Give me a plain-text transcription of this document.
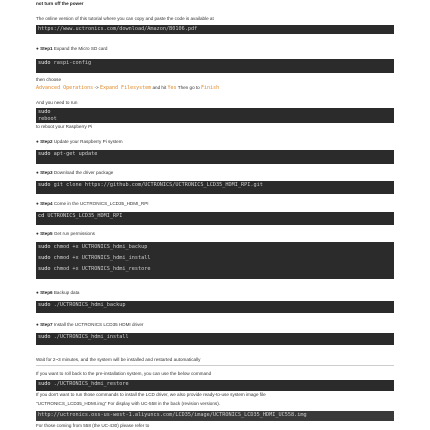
not turn off the power
The online version of this tutorial where you can copy and paste the code is available at
https://www.uctronics.com/download/Amazon/B0106.pdf
● Step1 Expand the Micro SD card
sudo raspi-config
then choose
Advanced Operations -> Expand Filesystem and hit Yes Then go to Finish
And you need to run
sudo
reboot
to reboot your Raspberry Pi
● Step2 Update your Raspberry Pi system
sudo apt-get update
● Step3 Download the driver package
sudo git clone https://github.com/UCTRONICS/UCTRONICS_LCD35_HDMI_RPI.git
● Step4 Come in the UCTRONICS_LCD35_HDMI_RPI
cd UCTRONICS_LCD35_HDMI_RPI
● Step5 Get run permissions
sudo chmod +x UCTRONICS_hdmi_backup
sudo chmod +x UCTRONICS_hdmi_install
sudo chmod +x UCTRONICS_hdmi_restore
● Step6 Backup data
sudo ./UCTRONICS_hdmi_backup
● Step7 Install the UCTRONICS LCD35 HDMI driver
sudo ./UCTRONICS_hdmi_install
Wait for 2~3 minutes, and the system will be installed and restarted automatically
If you want to roll back to the pre-installation system, you can use the below command
sudo ./UCTRONICS_hdmi_restore
If you don't want to run those commands to install the LCD driver, we also provide ready-to-use system image file
"UCTRONICS_LCD35_HDMI.img" For display with UC-558 in the back (revision versions).
http://uctronics.oss-us-west-1.aliyuncs.com/LCD35/image/UCTRONICS_LCD35_HDMI_UC558.img
For those coming from 558 (the UC-430) please refer to
